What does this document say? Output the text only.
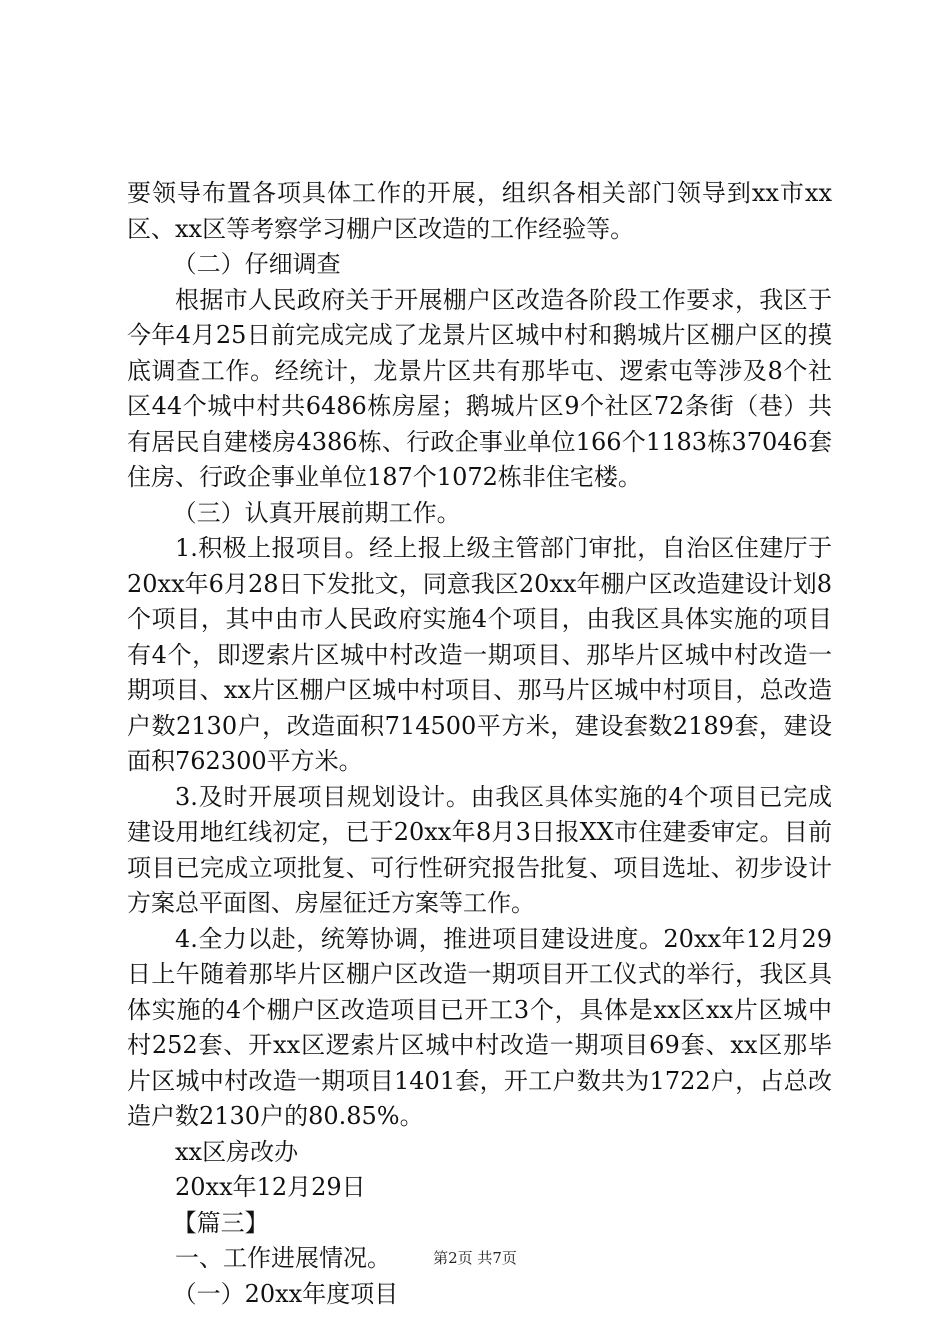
要领导布置各项具体工作的开展，组织各相关部门领导到xx市xx区、xx区等考察学习棚户区改造的工作经验等。

（二）仔细调查

根据市人民政府关于开展棚户区改造各阶段工作要求，我区于今年4月25日前完成完成了龙景片区城中村和鹅城片区棚户区的摸底调查工作。经统计，龙景片区共有那毕屯、逻索屯等涉及8个社区44个城中村共6486栋房屋；鹅城片区9个社区72条街（巷）共有居民自建楼房4386栋、行政企事业单位166个1183栋37046套住房、行政企事业单位187个1072栋非住宅楼。

（三）认真开展前期工作。

1.积极上报项目。经上报上级主管部门审批，自治区住建厅于20xx年6月28日下发批文，同意我区20xx年棚户区改造建设计划8个项目，其中由市人民政府实施4个项目，由我区具体实施的项目有4个，即逻索片区城中村改造一期项目、那毕片区城中村改造一期项目、xx片区棚户区城中村项目、那马片区城中村项目，总改造户数2130户，改造面积714500平方米，建设套数2189套，建设面积762300平方米。

3.及时开展项目规划设计。由我区具体实施的4个项目已完成建设用地红线初定，已于20xx年8月3日报XX市住建委审定。目前项目已完成立项批复、可行性研究报告批复、项目选址、初步设计方案总平面图、房屋征迁方案等工作。

4.全力以赴，统筹协调，推进项目建设进度。20xx年12月29日上午随着那毕片区棚户区改造一期项目开工仪式的举行，我区具体实施的4个棚户区改造项目已开工3个，具体是xx区xx片区城中村252套、开xx区逻索片区城中村改造一期项目69套、xx区那毕片区城中村改造一期项目1401套，开工户数共为1722户，占总改造户数2130户的80.85%。

xx区房改办

20xx年12月29日

【篇三】

一、工作进展情况。

（一）20xx年度项目

第2页 共7页
